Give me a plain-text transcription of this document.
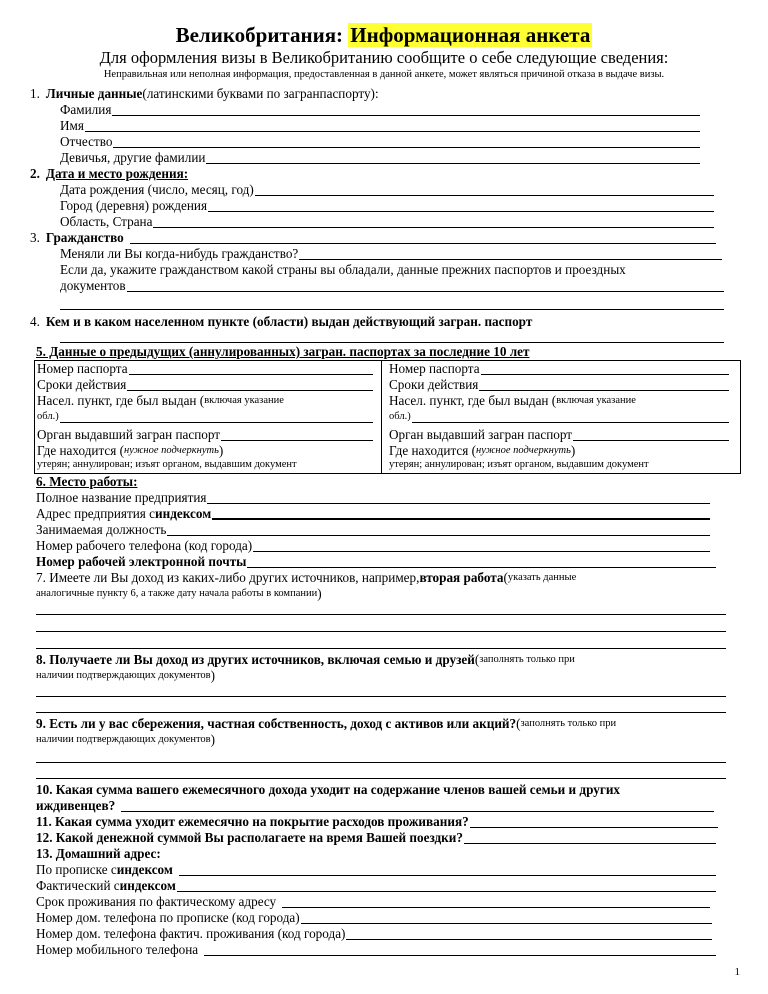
Великобритания: Информационная анкета
Для оформления визы в Великобританию сообщите о себе следующие сведения:
Неправильная или неполная информация, предоставленная в данной анкете, может являться причиной отказа в выдаче визы.
1. Личные данные (латинскими буквами по загранпаспорту):
Фамилия
Имя
Отчество
Девичья, другие фамилии
2. Дата и место рождения:
Дата рождения (число, месяц, год)
Город (деревня) рождения
Область, Страна
3. Гражданство
Меняли ли Вы когда-нибудь гражданство?
Если да, укажите гражданством какой страны вы обладали, данные прежних паспортов и проездных
документов
4. Кем и в каком населенном пункте (области) выдан действующий загран. паспорт
5. Данные о предыдущих (аннулированных) загран. паспортах за последние 10 лет
Номер паспорта
Сроки действия
Насел. пункт, где был выдан ( включая указание
обл.)
Орган выдавший загран паспорт
Где находится ( нужное подчеркнуть )
утерян; аннулирован; изъят органом, выдавшим документ
Номер паспорта
Сроки действия
Насел. пункт, где был выдан ( включая указание
обл.)
Орган выдавший загран паспорт
Где находится ( нужное подчеркнуть )
утерян; аннулирован; изъят органом, выдавшим документ
6. Место работы:
Полное название предприятия
Адрес предприятия с индексом
Занимаемая должность
Номер рабочего телефона (код города)
Номер рабочей электронной почты
7 . Имеете ли Вы доход из каких-либо других источников, например, вторая работа ( указать данные
аналогичные пункту 6, а также дату начала работы в компании )
8. Получаете ли Вы доход из других источников, включая семью и друзей ( заполнять только при
наличии подтверждающих документов )
9. Есть ли у вас сбережения, частная собственность, доход с активов или акций? ( заполнять только при
наличии подтверждающих документов )
10. Какая сумма вашего ежемесячного дохода уходит на содержание членов вашей семьи и других
иждивенцев?
11. Какая сумма уходит ежемесячно на покрытие расходов проживания?
12. Какой денежной суммой Вы располагаете на время Вашей поездки?
13. Домашний адрес:
По прописке с индексом
Фактический с индексом
Срок проживания по фактическому адресу
Номер дом. телефона по прописке (код города)
Номер дом. телефона фактич. проживания (код города)
Номер мобильного телефона
1
